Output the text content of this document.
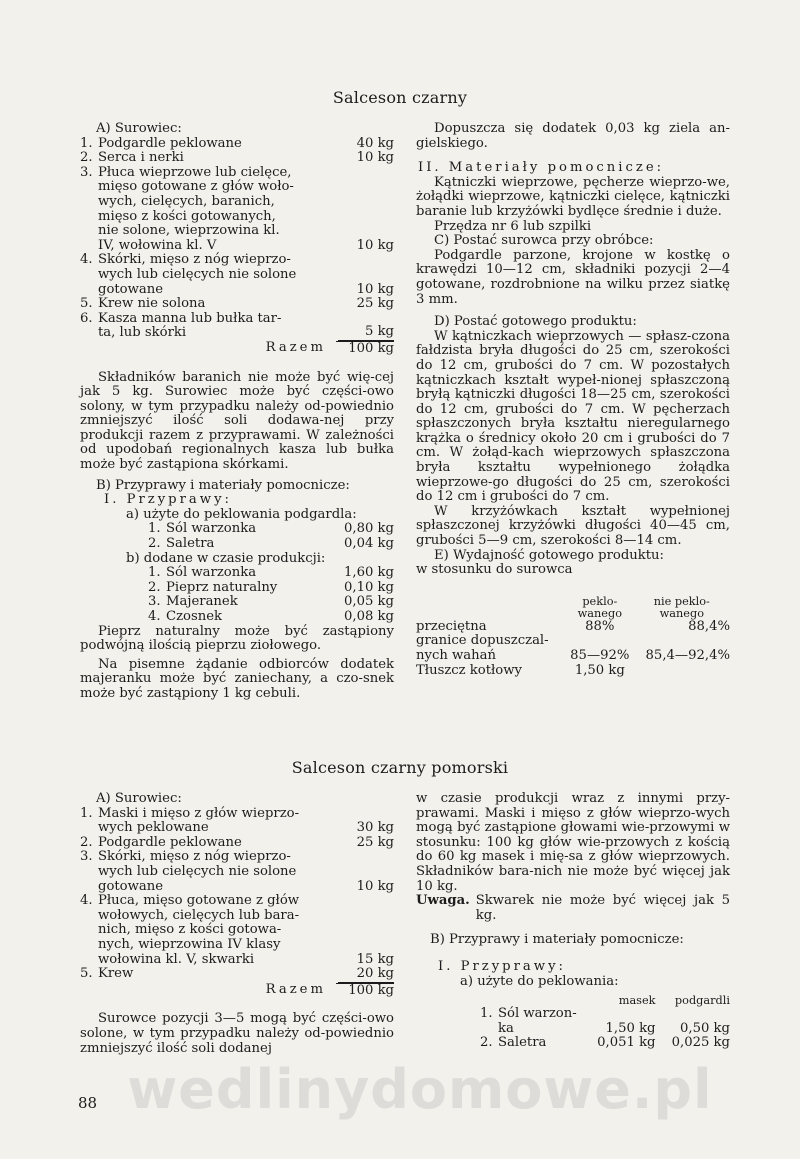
Salceson czarny
A) Surowiec:
1. Podgardle peklowane	40 kg
2. Serca i nerki	10 kg
3. Płuca wieprzowe lub cielęce,
mięso gotowane z głów woło-
wych, cielęcych, baranich,
mięso z kości gotowanych,
nie solone, wieprzowina kl.
IV, wołowina kl. V	10 kg
4. Skórki, mięso z nóg wieprzo-
wych lub cielęcych nie solone
gotowane	10 kg
5. Krew nie solona	25 kg
6. Kasza manna lub bułka tar-
ta, lub skórki	5 kg
Razem	100 kg

Składników baranich nie może być wię-cej jak 5 kg. Surowiec może być części-owo solony, w tym przypadku należy od-powiednio zmniejszyć ilość soli dodawa-nej przy produkcji razem z przyprawami. W zależności od upodobań regionalnych kasza lub bułka może być zastąpiona skórkami.

B) Przyprawy i materiały pomocnicze:
I. Przyprawy:
a) użyte do peklowania podgardla:
1. Sól warzonka	0,80 kg
2. Saletra	0,04 kg
b) dodane w czasie produkcji:
1. Sól warzonka	1,60 kg
2. Pieprz naturalny	0,10 kg
3. Majeranek	0,05 kg
4. Czosnek	0,08 kg

Pieprz naturalny może być zastąpiony podwójną ilością pieprzu ziołowego.

Na pisemne żądanie odbiorców dodatek majeranku może być zaniechany, a czo-snek może być zastąpiony 1 kg cebuli.

Dopuszcza się dodatek 0,03 kg ziela an-gielskiego.

II. Materiały pomocnicze:

Kątniczki wieprzowe, pęcherze wieprzo-we, żołądki wieprzowe, kątniczki cielęce, kątniczki baranie lub krzyżówki bydlęce średnie i duże.

Przędza nr 6 lub szpilki

C) Postać surowca przy obróbce:

Podgardle parzone, krojone w kostkę o krawędzi 10—12 cm, składniki pozycji 2—4 gotowane, rozdrobnione na wilku przez siatkę 3 mm.

D) Postać gotowego produktu:

W kątniczkach wieprzowych — spłasz-czona fałdzista bryła długości do 25 cm, szerokości do 12 cm, grubości do 7 cm. W pozostałych kątniczkach kształt wypeł-nionej spłaszczoną bryłą kątniczki długości 18—25 cm, szerokości do 12 cm, grubości do 7 cm. W pęcherzach spłaszczonych bryła kształtu nieregularnego krążka o średnicy około 20 cm i grubości do 7 cm. W żołąd-kach wieprzowych spłaszczona bryła kształtu wypełnionego żołądka wieprzowe-go długości do 25 cm, szerokości do 12 cm i grubości do 7 cm.

W krzyżówkach kształt wypełnionej spłaszczonej krzyżówki długości 40—45 cm, grubości 5—9 cm, szerokości 8—14 cm.

E) Wydajność gotowego produktu:
w stosunku do surowca
	peklo-
wanego	nie peklo-
wanego
przeciętna	88%	88,4%
granice dopuszczal-
nych wahań	85—92%	85,4—92,4%
Tłuszcz kotłowy	1,50 kg	
Salceson czarny pomorski
A) Surowiec:
1. Maski i mięso z głów wieprzo-
wych peklowane	30 kg
2. Podgardle peklowane	25 kg
3. Skórki, mięso z nóg wieprzo-
wych lub cielęcych nie solone
gotowane	10 kg
4. Płuca, mięso gotowane z głów
wołowych, cielęcych lub bara-
nich, mięso z kości gotowa-
nych, wieprzowina IV klasy
wołowina kl. V, skwarki	15 kg
5. Krew	20 kg
Razem	100 kg

Surowce pozycji 3—5 mogą być części-owo solone, w tym przypadku należy od-powiednio zmniejszyć ilość soli dodanej

w czasie produkcji wraz z innymi przy-prawami. Maski i mięso z głów wieprzo-wych mogą być zastąpione głowami wie-przowymi w stosunku: 100 kg głów wie-przowych z kością do 60 kg masek i mię-sa z głów wieprzowych. Składników bara-nich nie może być więcej jak 10 kg.

Uwaga. Skwarek nie może być więcej jak 5 kg.
B) Przyprawy i materiały pomocnicze:
I. Przyprawy:
a) użyte do peklowania:
	masek	podgardli
1. Sól warzon-
ka	1,50 kg	0,50 kg
2. Saletra	0,051 kg	0,025 kg
wedlinydomowe.pl
88
